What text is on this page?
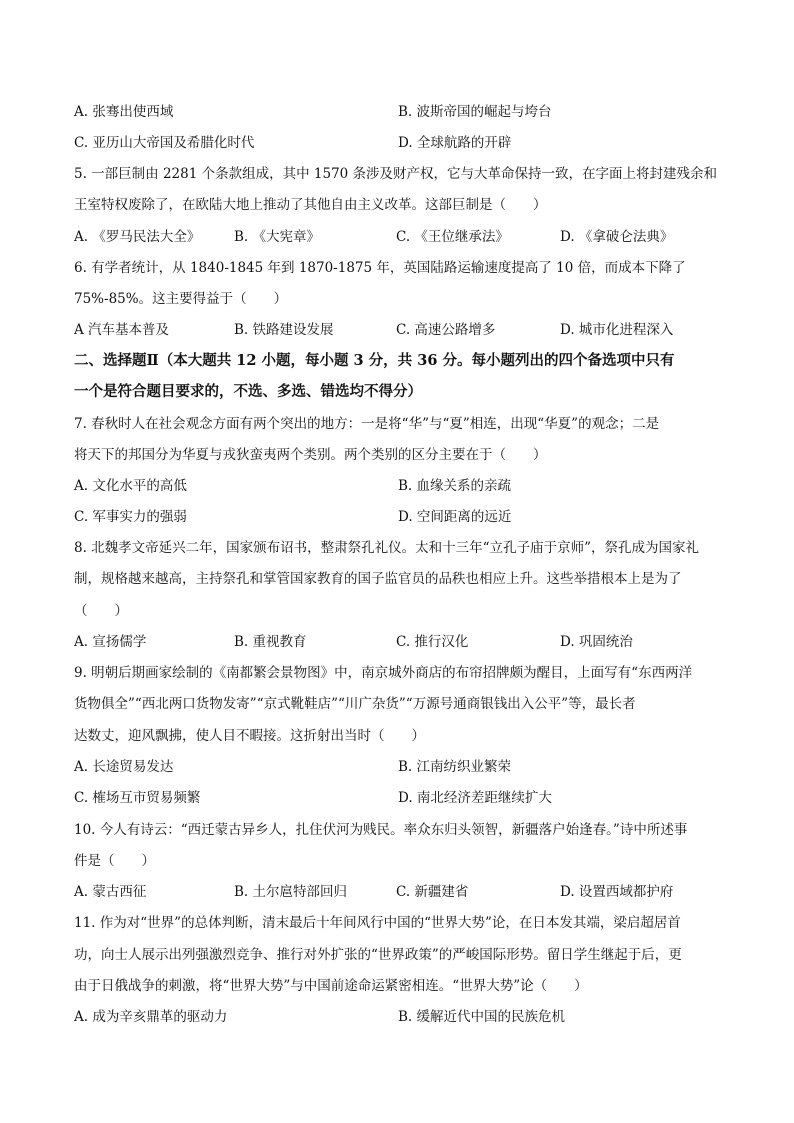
A. 张骞出使西域	B. 波斯帝国的崛起与垮台
C. 亚历山大帝国及希腊化时代	D. 全球航路的开辟
5. 一部巨制由 2281 个条款组成，其中 1570 条涉及财产权，它与大革命保持一致，在字面上将封建残余和
王室特权废除了，在欧陆大地上推动了其他自由主义改革。这部巨制是（　　）
A. 《罗马民法大全》 B. 《大宪章》	C. 《王位继承法》	D. 《拿破仑法典》
6. 有学者统计，从 1840-1845 年到 1870-1875 年，英国陆路运输速度提高了 10 倍，而成本下降了
75%-85%。这主要得益于（　　）
A 汽车基本普及	B. 铁路建设发展	C. 高速公路增多	D. 城市化进程深入
二、选择题Ⅱ（本大题共 12 小题，每小题 3 分，共 36 分。每小题列出的四个备选项中只有
一个是符合题目要求的，不选、多选、错选均不得分）
7. 春秋时人在社会观念方面有两个突出的地方：一是将“华”与“夏”相连，出现“华夏”的观念；二是
将天下的邦国分为华夏与戎狄蛮夷两个类别。两个类别的区分主要在于（　　）
A. 文化水平的高低	B. 血缘关系的亲疏
C. 军事实力的强弱	D. 空间距离的远近
8. 北魏孝文帝延兴二年，国家颁布诏书，整肃祭孔礼仪。太和十三年“立孔子庙于京师”，祭孔成为国家礼
制，规格越来越高，主持祭孔和掌管国家教育的国子监官员的品秩也相应上升。这些举措根本上是为了
（　　）
A. 宣扬儒学	B. 重视教育	C. 推行汉化	D. 巩固统治
9. 明朝后期画家绘制的《南都繁会景物图》中，南京城外商店的布帘招牌颇为醒目，上面写有“东西两洋
货物俱全”“西北两口货物发寄”“京式靴鞋店”“川广杂货”“万源号通商银钱出入公平”等，最长者
达数丈，迎风飘拂，使人目不暇接。这折射出当时（　　）
A. 长途贸易发达	B. 江南纺织业繁荣
C. 榷场互市贸易频繁	D. 南北经济差距继续扩大
10. 今人有诗云：“西迁蒙古异乡人，扎住伏河为贱民。率众东归头领智，新疆落户始逢春。”诗中所述事
件是（　　）
A. 蒙古西征	B. 土尔扈特部回归	C. 新疆建省	D. 设置西域都护府
11. 作为对“世界”的总体判断，清末最后十年间风行中国的“世界大势”论，在日本发其端，梁启超居首
功，向士人展示出列强激烈竞争、推行对外扩张的“世界政策”的严峻国际形势。留日学生继起于后，更
由于日俄战争的刺激，将“世界大势”与中国前途命运紧密相连。“世界大势”论（　　）
A. 成为辛亥鼎革的驱动力	B. 缓解近代中国的民族危机
